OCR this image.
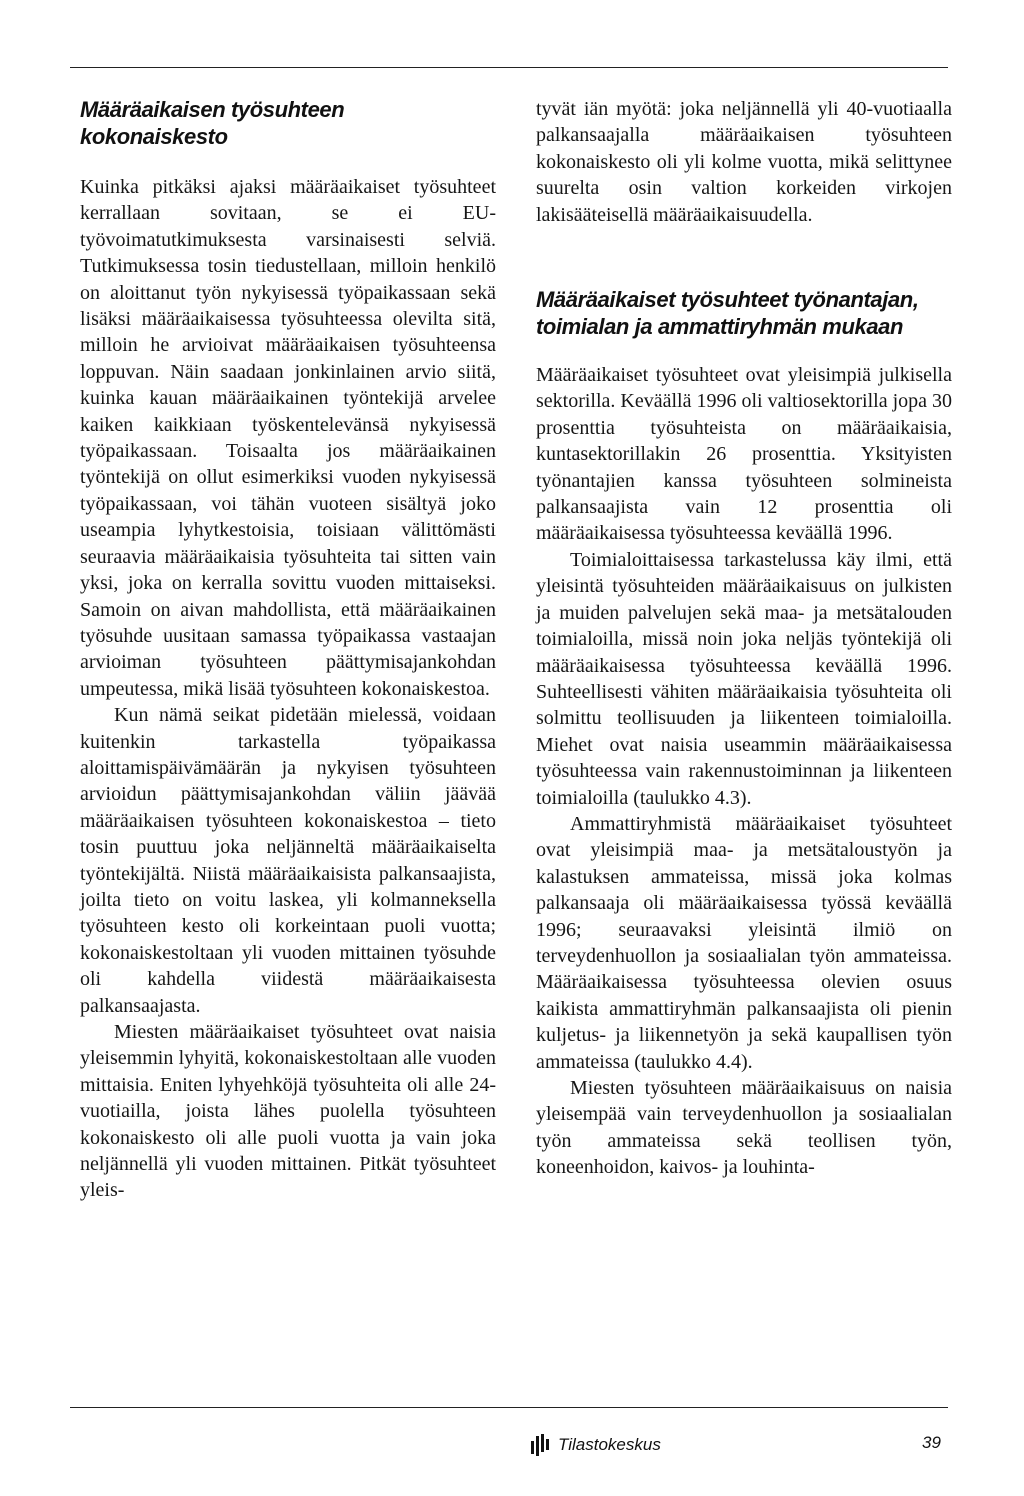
Määräaikaisen työsuhteen kokonaiskesto

Kuinka pitkäksi ajaksi määräaikaiset työsuhteet kerrallaan sovitaan, se ei EU-työvoimatutkimuksesta varsinaisesti selviä. Tutkimuksessa tosin tiedustellaan, milloin henkilö on aloittanut työn nykyisessä työpaikassaan sekä lisäksi määräaikaisessa työsuhteessa olevilta sitä, milloin he arvioivat määräaikaisen työsuhteensa loppuvan. Näin saadaan jonkinlainen arvio siitä, kuinka kauan määräaikainen työntekijä arvelee kaiken kaikkiaan työskentelevänsä nykyisessä työpaikassaan. Toisaalta jos määräaikainen työntekijä on ollut esimerkiksi vuoden nykyisessä työpaikassaan, voi tähän vuoteen sisältyä joko useampia lyhytkestoisia, toisiaan välittömästi seuraavia määräaikaisia työsuhteita tai sitten vain yksi, joka on kerralla sovittu vuoden mittaiseksi. Samoin on aivan mahdollista, että määräaikainen työsuhde uusitaan samassa työpaikassa vastaajan arvioiman työsuhteen päättymisajankohdan umpeutessa, mikä lisää työsuhteen kokonaiskestoa.

Kun nämä seikat pidetään mielessä, voidaan kuitenkin tarkastella työpaikassa aloittamispäivämäärän ja nykyisen työsuhteen arvioidun päättymisajankohdan väliin jäävää määräaikaisen työsuhteen kokonaiskestoa – tieto tosin puuttuu joka neljänneltä määräaikaiselta työntekijältä. Niistä määräaikaisista palkansaajista, joilta tieto on voitu laskea, yli kolmanneksella työsuhteen kesto oli korkeintaan puoli vuotta; kokonaiskestoltaan yli vuoden mittainen työsuhde oli kahdella viidestä määräaikaisesta palkansaajasta.

Miesten määräaikaiset työsuhteet ovat naisia yleisemmin lyhyitä, kokonaiskestoltaan alle vuoden mittaisia. Eniten lyhyehköjä työsuhteita oli alle 24-vuotiailla, joista lähes puolella työsuhteen kokonaiskesto oli alle puoli vuotta ja vain joka neljännellä yli vuoden mittainen. Pitkät työsuhteet yleis-

tyvät iän myötä: joka neljännellä yli 40-vuotiaalla palkansaajalla määräaikaisen työsuhteen kokonaiskesto oli yli kolme vuotta, mikä selittynee suurelta osin valtion korkeiden virkojen lakisääteisellä määräaikaisuudella.

Määräaikaiset työsuhteet työnantajan, toimialan ja ammattiryhmän mukaan

Määräaikaiset työsuhteet ovat yleisimpiä julkisella sektorilla. Keväällä 1996 oli valtiosektorilla jopa 30 prosenttia työsuhteista on määräaikaisia, kuntasektorillakin 26 prosenttia. Yksityisten työnantajien kanssa työsuhteen solmineista palkansaajista vain 12 prosenttia oli määräaikaisessa työsuhteessa keväällä 1996.

Toimialoittaisessa tarkastelussa käy ilmi, että yleisintä työsuhteiden määräaikaisuus on julkisten ja muiden palvelujen sekä maa- ja metsätalouden toimialoilla, missä noin joka neljäs työntekijä oli määräaikaisessa työsuhteessa keväällä 1996. Suhteellisesti vähiten määräaikaisia työsuhteita oli solmittu teollisuuden ja liikenteen toimialoilla. Miehet ovat naisia useammin määräaikaisessa työsuhteessa vain rakennustoiminnan ja liikenteen toimialoilla (taulukko 4.3).

Ammattiryhmistä määräaikaiset työsuhteet ovat yleisimpiä maa- ja metsätaloustyön ja kalastuksen ammateissa, missä joka kolmas palkansaaja oli määräaikaisessa työssä keväällä 1996; seuraavaksi yleisintä ilmiö on terveydenhuollon ja sosiaalialan työn ammateissa. Määräaikaisessa työsuhteessa olevien osuus kaikista ammattiryhmän palkansaajista oli pienin kuljetus- ja liikennetyön ja sekä kaupallisen työn ammateissa (taulukko 4.4).

Miesten työsuhteen määräaikaisuus on naisia yleisempää vain terveydenhuollon ja sosiaalialan työn ammateissa sekä teollisen työn, koneenhoidon, kaivos- ja louhinta-

Tilastokeskus	39
